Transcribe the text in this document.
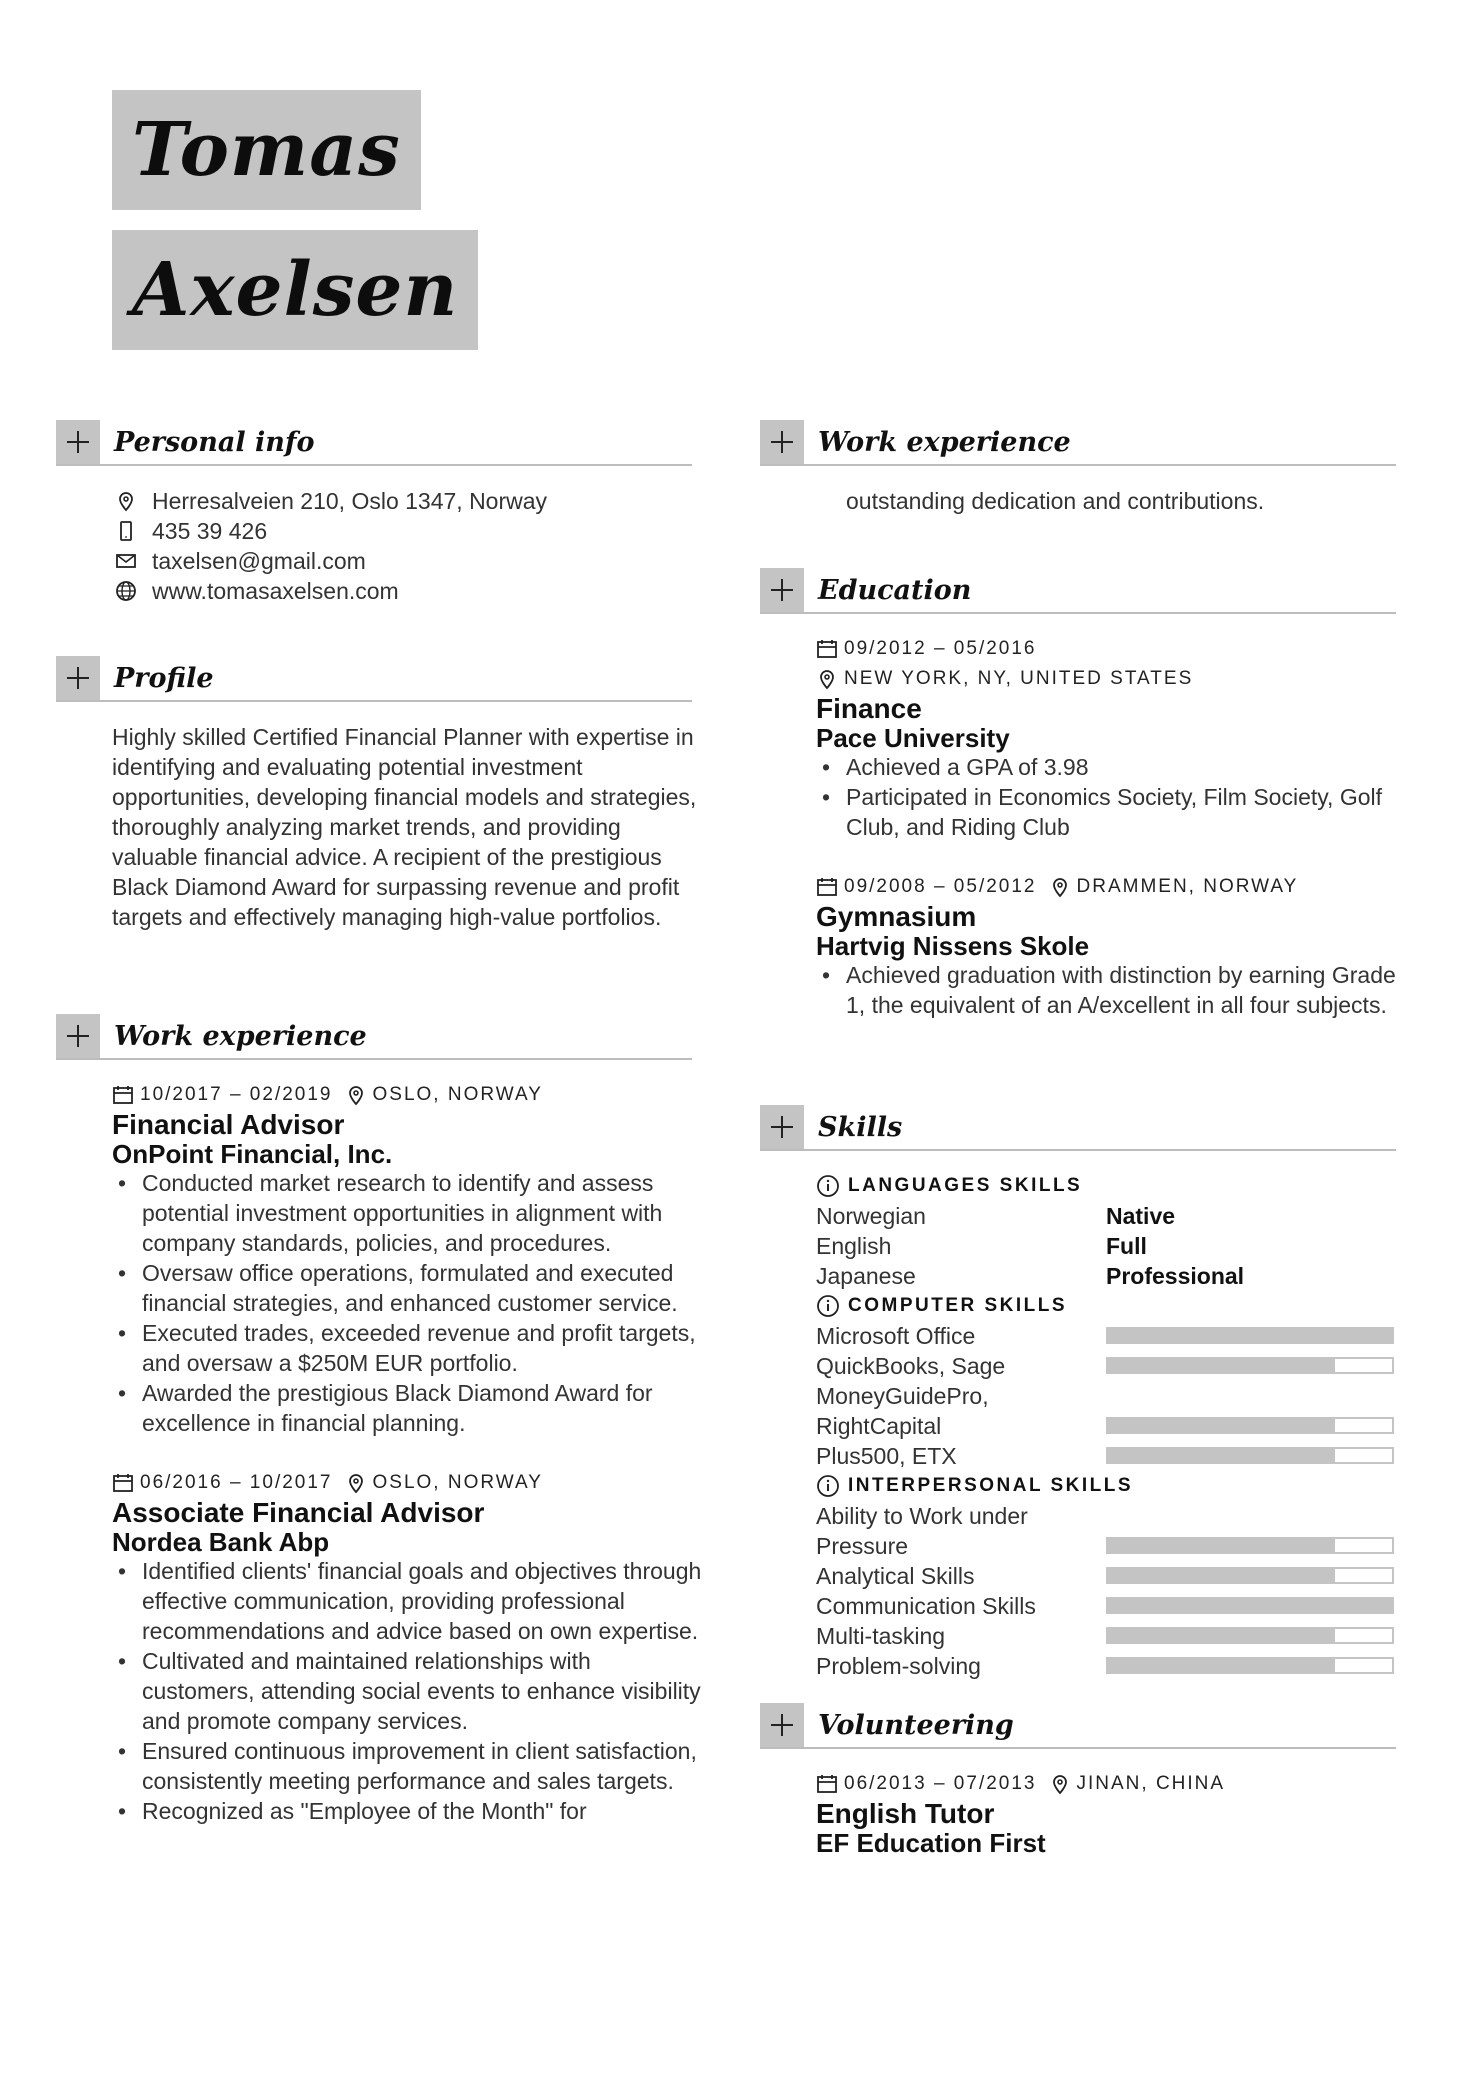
Tomas
Axelsen
Personal info
Herresalveien 210, Oslo 1347, Norway
435 39 426
taxelsen@gmail.com
www.tomasaxelsen.com
Profile
Highly skilled Certified Financial Planner with expertise in identifying and evaluating potential investment opportunities, developing financial models and strategies, thoroughly analyzing market trends, and providing valuable financial advice. A recipient of the prestigious Black Diamond Award for surpassing revenue and profit targets and effectively managing high-value portfolios.
Work experience
10/2017 – 02/2019 OSLO, NORWAY
Financial Advisor
OnPoint Financial, Inc.
• Conducted market research to identify and assess potential investment opportunities in alignment with company standards, policies, and procedures.
• Oversaw office operations, formulated and executed financial strategies, and enhanced customer service.
• Executed trades, exceeded revenue and profit targets, and oversaw a $250M EUR portfolio.
• Awarded the prestigious Black Diamond Award for excellence in financial planning.
06/2016 – 10/2017 OSLO, NORWAY
Associate Financial Advisor
Nordea Bank Abp
• Identified clients' financial goals and objectives through effective communication, providing professional recommendations and advice based on own expertise.
• Cultivated and maintained relationships with customers, attending social events to enhance visibility and promote company services.
• Ensured continuous improvement in client satisfaction, consistently meeting performance and sales targets.
• Recognized as "Employee of the Month" for
Work experience
outstanding dedication and contributions.
Education
09/2012 – 05/2016
NEW YORK, NY, UNITED STATES
Finance
Pace University
• Achieved a GPA of 3.98
• Participated in Economics Society, Film Society, Golf Club, and Riding Club
09/2008 – 05/2012 DRAMMEN, NORWAY
Gymnasium
Hartvig Nissens Skole
• Achieved graduation with distinction by earning Grade 1, the equivalent of an A/excellent in all four subjects.
Skills
LANGUAGES SKILLS
Norwegian	Native
English	Full
Japanese	Professional
COMPUTER SKILLS
Microsoft Office
QuickBooks, Sage
MoneyGuidePro, RightCapital
Plus500, ETX
INTERPERSONAL SKILLS
Ability to Work under Pressure
Analytical Skills
Communication Skills
Multi-tasking
Problem-solving
Volunteering
06/2013 – 07/2013 JINAN, CHINA
English Tutor
EF Education First
